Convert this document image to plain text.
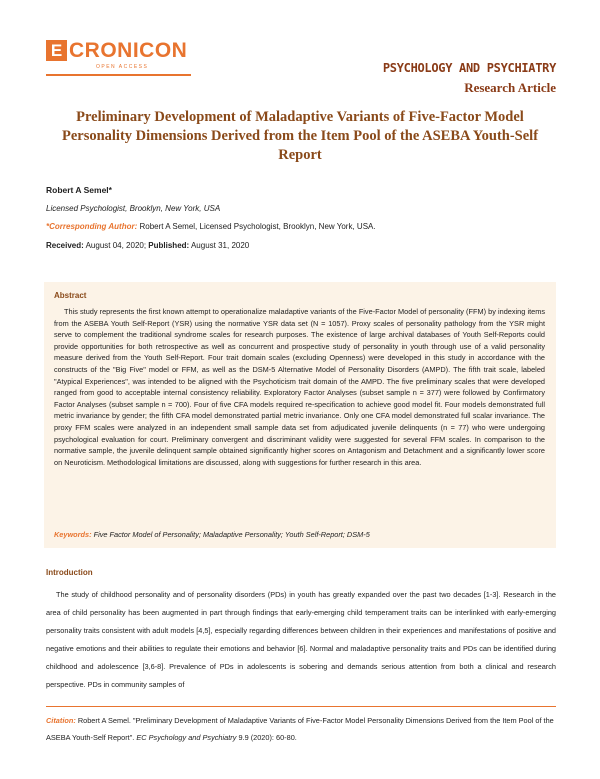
E CRONICON
OPEN ACCESS	PSYCHOLOGY AND PSYCHIATRY
Research Article
Preliminary Development of Maladaptive Variants of Five-Factor Model Personality Dimensions Derived from the Item Pool of the ASEBA Youth-Self Report
Robert A Semel*
Licensed Psychologist, Brooklyn, New York, USA
*Corresponding Author: Robert A Semel, Licensed Psychologist, Brooklyn, New York, USA.
Received: August 04, 2020; Published: August 31, 2020
Abstract
This study represents the first known attempt to operationalize maladaptive variants of the Five-Factor Model of personality (FFM) by indexing items from the ASEBA Youth Self-Report (YSR) using the normative YSR data set (N = 1057). Proxy scales of personality pathology from the YSR might serve to complement the traditional syndrome scales for research purposes. The existence of large archival databases of Youth Self-Reports could provide opportunities for both retrospective as well as concurrent and prospective study of personality in youth through use of a valid personality measure derived from the Youth Self-Report. Four trait domain scales (excluding Openness) were developed in this study in accordance with the constructs of the "Big Five" model or FFM, as well as the DSM-5 Alternative Model of Personality Disorders (AMPD). The fifth trait scale, labeled "Atypical Experiences", was intended to be aligned with the Psychoticism trait domain of the AMPD. The five preliminary scales that were developed ranged from good to acceptable internal consistency reliability. Exploratory Factor Analyses (subset sample n = 377) were followed by Confirmatory Factor Analyses (subset sample n = 700). Four of five CFA models required re-specification to achieve good model fit. Four models demonstrated full metric invariance by gender; the fifth CFA model demonstrated partial metric invariance. Only one CFA model demonstrated full scalar invariance. The proxy FFM scales were analyzed in an independent small sample data set from adjudicated juvenile delinquents (n = 77) who were undergoing psychological evaluation for court. Preliminary convergent and discriminant validity were suggested for several FFM scales. In comparison to the normative sample, the juvenile delinquent sample obtained significantly higher scores on Antagonism and Detachment and a significantly lower score on Neuroticism. Methodological limitations are discussed, along with suggestions for further research in this area.
Keywords: Five Factor Model of Personality; Maladaptive Personality; Youth Self-Report; DSM-5
Introduction
The study of childhood personality and of personality disorders (PDs) in youth has greatly expanded over the past two decades [1-3]. Research in the area of child personality has been augmented in part through findings that early-emerging child temperament traits can be interlinked with early-emerging personality traits consistent with adult models [4,5], especially regarding differences between children in their experiences and manifestations of positive and negative emotions and their abilities to regulate their emotions and behavior [6]. Normal and maladaptive personality traits and PDs can be identified during childhood and adolescence [3,6-8]. Prevalence of PDs in adolescents is sobering and demands serious attention from both a clinical and research perspective. PDs in community samples of
Citation: Robert A Semel. "Preliminary Development of Maladaptive Variants of Five-Factor Model Personality Dimensions Derived from the Item Pool of the ASEBA Youth-Self Report". EC Psychology and Psychiatry 9.9 (2020): 60-80.
